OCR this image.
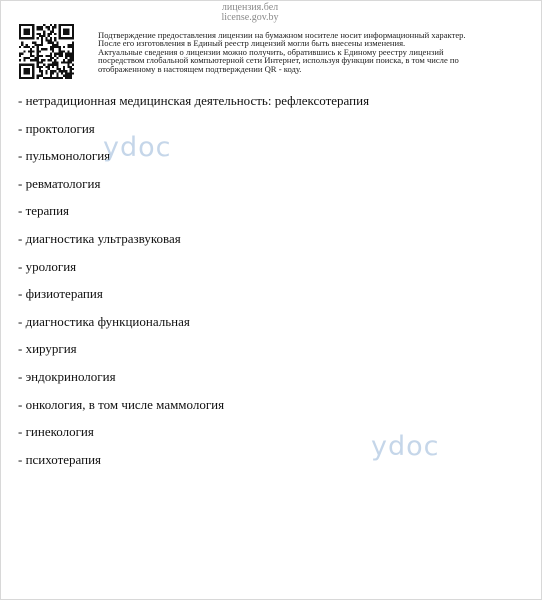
лицензия.бел
license.gov.by
Подтверждение предоставления лицензии на бумажном носителе носит информационный характер.
После его изготовления в Единый реестр лицензий могли быть внесены изменения.
Актуальные сведения о лицензии можно получить, обратившись к Единому реестру лицензий
посредством глобальной компьютерной сети Интернет, используя функции поиска, в том числе по
отображенному в настоящем подтверждении QR - коду.
- нетрадиционная медицинская деятельность: рефлексотерапия
- проктология
- пульмонология
- ревматология
- терапия
- диагностика ультразвуковая
- урология
- физиотерапия
- диагностика функциональная
- хирургия
- эндокринология
- онкология, в том числе маммология
- гинекология
- психотерапия
ydoc
ydoc
